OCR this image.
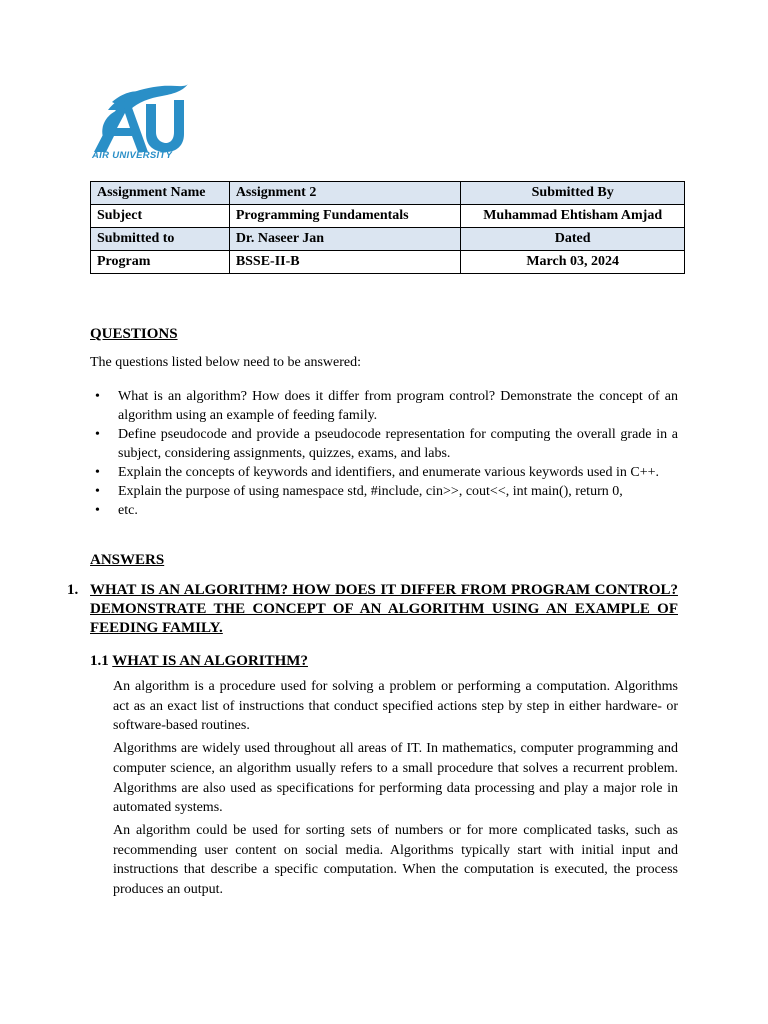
AIR UNIVERSITY
Assignment Name	Assignment 2	Submitted By
Subject	Programming Fundamentals	Muhammad Ehtisham Amjad
Submitted to	Dr. Naseer Jan	Dated
Program	BSSE-II-B	March 03, 2024
QUESTIONS
The questions listed below need to be answered:
• What is an algorithm? How does it differ from program control? Demonstrate the concept of an algorithm using an example of feeding family.
• Define pseudocode and provide a pseudocode representation for computing the overall grade in a subject, considering assignments, quizzes, exams, and labs.
• Explain the concepts of keywords and identifiers, and enumerate various keywords used in C++.
• Explain the purpose of using namespace std, #include, cin>>, cout<<, int main(), return 0,
• etc.
ANSWERS
1. WHAT IS AN ALGORITHM? HOW DOES IT DIFFER FROM PROGRAM CONTROL? DEMONSTRATE THE CONCEPT OF AN ALGORITHM USING AN EXAMPLE OF FEEDING FAMILY.
1.1 WHAT IS AN ALGORITHM?

An algorithm is a procedure used for solving a problem or performing a computation. Algorithms act as an exact list of instructions that conduct specified actions step by step in either hardware- or software-based routines.

Algorithms are widely used throughout all areas of IT. In mathematics, computer programming and computer science, an algorithm usually refers to a small procedure that solves a recurrent problem. Algorithms are also used as specifications for performing data processing and play a major role in automated systems.

An algorithm could be used for sorting sets of numbers or for more complicated tasks, such as recommending user content on social media. Algorithms typically start with initial input and instructions that describe a specific computation. When the computation is executed, the process produces an output.
